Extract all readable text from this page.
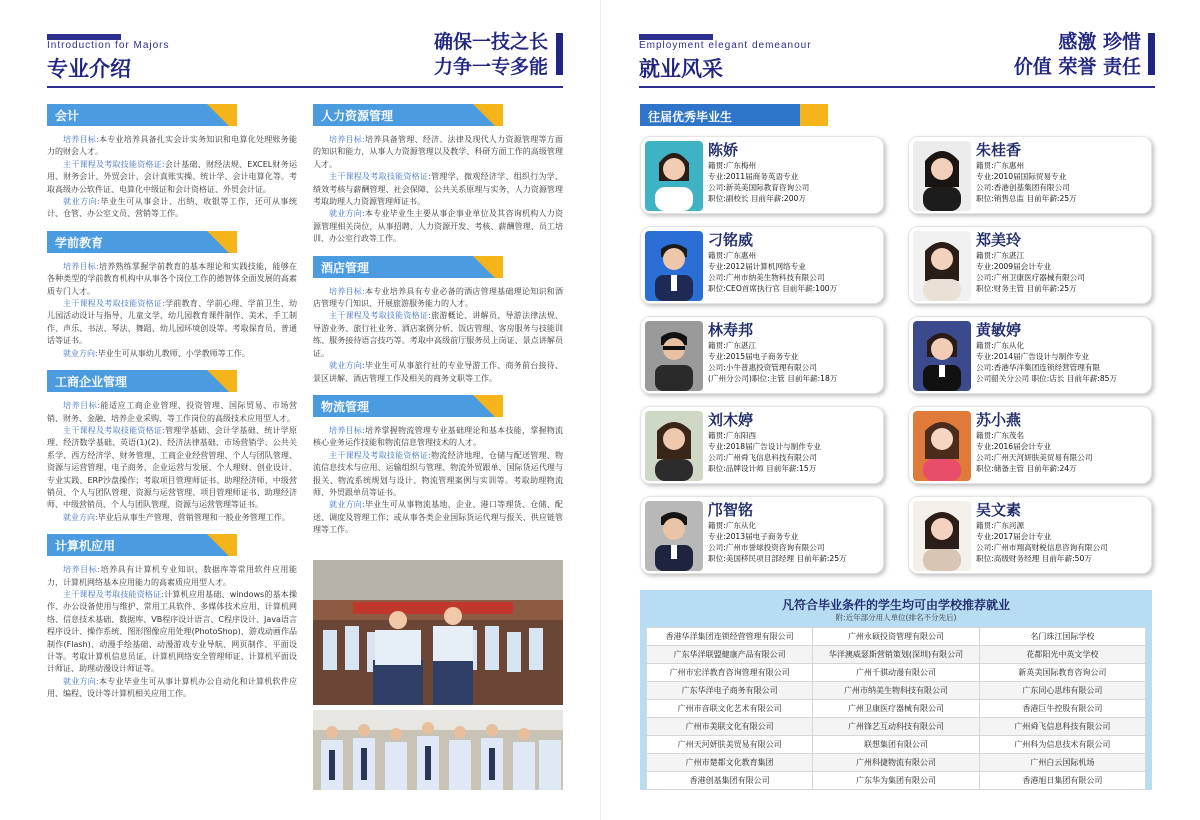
Introduction for Majors
专业介绍
确保一技之长
力争一专多能
会计

培养目标:本专业培养具备扎实会计实务知识和电算化处理账务能力的财会人才。

主干课程及考取技能资格证:会计基础、财经法规、EXCEL财务运用、财务会计、外贸会计、会计真账实操、统计学、会计电算化等。考取高级办公软件证、电算化中级证和会计资格证、外贸会计证。

就业方向:毕业生可从事会计、出纳、收银等工作，还可从事统计、仓管、办公室文员、营销等工作。

学前教育

培养目标:培养熟练掌握学前教育的基本理论和实践技能，能够在各种类型的学前教育机构中从事各个岗位工作的德智体全面发展的高素质专门人才。

主干课程及考取技能资格证:学前教育、学前心理、学前卫生、幼儿园活动设计与指导、儿童文学、幼儿园教育课件制作、美术、手工制作、声乐、书法、琴法、舞蹈、幼儿园环境创设等。考取保育员、普通话等证书。

就业方向:毕业生可从事幼儿教师、小学教师等工作。

工商企业管理

培养目标:能适应工商企业管理、投资管理、国际贸易、市场营销、财务、金融、培养企业采购、等工作岗位的高级技术应用型人才。

主干课程及考取技能资格证:管理学基础、会计学基础、统计学原理、经济数学基础、英语(1)(2)、经济法律基础、市场营销学、公共关系学、西方经济学、财务管理、工商企业经营管理、个人与团队管理、资源与运营管理、电子商务、企业运营与发展、个人理财、创业设计、专业实践、ERP沙盘操作；考取项目管理师证书、助理经济师、中级营销员、个人与团队管理、资源与运营管理、项目管理师证书、助理经济师、中级营销员、个人与团队管理、资源与运营管理等证书。

就业方向:毕业后从事生产管理、营销管理和一般业务管理工作。

计算机应用

培养目标:培养具有计算机专业知识、数据库等常用软件应用能力，计算机网络基本应用能力的高素质应用型人才。

主干课程及考取技能资格证:计算机应用基础、windows的基本操作、办公设备使用与维护、常用工具软件、多媒体技术应用、计算机网络、信息技术基础、数据库、VB程序设计语言、C程序设计、Java语言程序设计、操作系统、图形图像应用处理(PhotoShop)、游戏动画作品制作(Flash)、动漫手绘基础、动漫游戏专业导航、网页制作、平面设计等。考取计算机信息员证、计算机网络安全管理师证、计算机平面设计师证、助理动漫设计师证等。

就业方向:本专业毕业生可从事计算机办公自动化和计算机软件应用、编程、设计等计算机相关应用工作。

人力资源管理

培养目标:培养具备管理、经济、法律及现代人力资源管理等方面的知识和能力，从事人力资源管理以及教学、科研方面工作的高级管理人才。

主干课程及考取技能资格证:管理学、微观经济学、组织行为学、绩效考核与薪酬管理、社会保障、公共关系原理与实务，人力资源管理考取助理人力资源管理师证书。

就业方向:本专业毕业生主要从事企事业单位及其咨询机构人力资源管理相关岗位，从事招聘、人力资源开发、考核、薪酬管理、员工培训、办公室行政等工作。

酒店管理

培养目标:本专业培养具有专业必备的酒店管理基础理论知识和酒店管理专门知识、开展旅游服务能力的人才。

主干课程及考取技能资格证:旅游概论、讲解员、导游法律法规、导游业务、旅行社业务、酒店案例分析、饭店管理、客房服务与技能训练、服务接待语言技巧等。考取中高级前厅服务员上岗证、景点讲解员证。

就业方向:毕业生可从事旅行社的专业导游工作、商务前台接待、景区讲解、酒店管理工作及相关的商务文职等工作。

物流管理

培养目标:培养掌握物流管理专业基础理论和基本技能，掌握物流核心业务运作技能和物流信息管理技术的人才。

主干课程及考取技能资格证:物流经济地理、仓储与配送管理、物流信息技术与应用、运输组织与管理、物流外贸跟单、国际货运代理与报关、物流系统规划与设计、物流管理案例与实训等。考取助理物流师、外贸跟单员等证书。

就业方向:毕业生可从事物流基地、企业、港口等理货、仓储、配送、调度及管理工作；或从事各类企业国际货运代理与报关、供应链管理等工作。

Employment elegant demeanour
就业风采
感激 珍惜
价值 荣誉 责任
往届优秀毕业生
陈娇
籍贯:广东梅州
专业:2011届商务英语专业
公司:新英美国际教育咨询公司
职位:副校长 目前年薪:200万
朱桂香
籍贯:广东惠州
专业:2010届国际贸易专业
公司:香港创基集团有限公司
职位:销售总监 目前年薪:25万
刁铭威
籍贯:广东惠州
专业:2012届计算机网络专业
公司:广州市纳美生物科技有限公司
职位:CEO首席执行官 目前年薪:100万
郑美玲
籍贯:广东湛江
专业:2009届会计专业
公司:广州卫康医疗器械有限公司
职位:财务主管 目前年薪:25万
林寿邦
籍贯:广东湛江
专业:2015届电子商务专业
公司:小牛普惠投资管理有限公司
(广州分公司)职位:主管 目前年薪:18万
黄敏婷
籍贯:广东从化
专业:2014届广告设计与制作专业
公司:香港华洋集团连锁经营管理有限
公司韶关分公司 职位:店长 目前年薪:85万
刘木婷
籍贯:广东阳西
专业:2018届广告设计与制作专业
公司:广州舜飞信息科技有限公司
职位:品牌设计师 目前年薪:15万
苏小燕
籍贯:广东茂名
专业:2016届会计专业
公司:广州天河妍肤美贸易有限公司
职位:储备主管 目前年薪:24万
邝智铭
籍贯:广东从化
专业:2013届电子商务专业
公司:广州市誉球投资咨询有限公司
职位:美国移民项目部经理 目前年薪:25万
吴文素
籍贯:广东河源
专业:2017届会计专业
公司:广州市翔高财税信息咨询有限公司
职位:高级财务经理 目前年薪:50万
凡符合毕业条件的学生均可由学校推荐就业
附:近年部分用人单位(排名不分先后)
香港华洋集团连锁经营管理有限公司	广州永硕投资管理有限公司	名门珠江国际学校
广东华洋联盟健康产品有限公司	华洋澳威瑟斯营销策划(深圳)有限公司	花都阳光中英文学校
广州市宏洋教育咨询管理有限公司	广州千骐动漫有限公司	新英美国际教育咨询公司
广东华洋电子商务有限公司	广州市纳美生物科技有限公司	广东同心思纬有限公司
广州市音联文化艺术有限公司	广州卫康医疗器械有限公司	香港巨牛控股有限公司
广州市美联文化有限公司	广州锋艺互动科技有限公司	广州舜飞信息科技有限公司
广州天河妍肤美贸易有限公司	联想集团有限公司	广州科为信息技术有限公司
广州市楚都文化教育集团	广州科捷物流有限公司	广州白云国际机场
香港创基集团有限公司	广东华为集团有限公司	香港旭日集团有限公司
